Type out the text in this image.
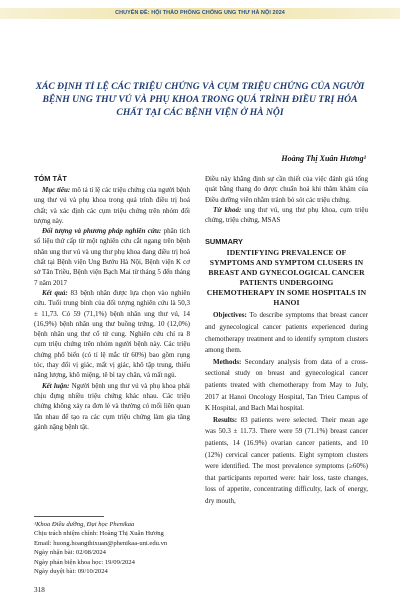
CHUYÊN ĐỀ: HỘI THẢO PHÒNG CHỐNG UNG THƯ HÀ NỘI 2024
XÁC ĐỊNH TỈ LỆ CÁC TRIỆU CHỨNG VÀ CỤM TRIỆU CHỨNG CỦA NGƯỜI BỆNH UNG THƯ VÚ VÀ PHỤ KHOA TRONG QUÁ TRÌNH ĐIỀU TRỊ HÓA CHẤT TẠI CÁC BỆNH VIỆN Ở HÀ NỘI
Hoàng Thị Xuân Hương¹
TÓM TẮT

Mục tiêu: mô tả tỉ lệ các triệu chứng của người bệnh ung thư vú và phụ khoa trong quá trình điều trị hoá chất; và xác định các cụm triệu chứng trên nhóm đối tượng này.

Đối tượng và phương pháp nghiên cứu: phân tích số liệu thứ cấp từ một nghiên cứu cắt ngang trên bệnh nhân ung thư vú và ung thư phụ khoa đang điều trị hoá chất tại Bệnh viện Ung Bướu Hà Nội, Bệnh viện K cơ sở Tân Triều, Bệnh viện Bạch Mai từ tháng 5 đến tháng 7 năm 2017

Kết quả: 83 bệnh nhân được lựa chọn vào nghiên cứu. Tuổi trung bình của đối tượng nghiên cứu là 50,3 ± 11,73. Có 59 (71,1%) bệnh nhân ung thư vú, 14 (16,9%) bệnh nhân ung thư buồng trứng, 10 (12,0%) bệnh nhân ung thư cổ tử cung. Nghiên cứu chỉ ra 8 cụm triệu chứng trên nhóm người bệnh này. Các triệu chứng phổ biến (có tỉ lệ mắc từ 60%) bao gồm rụng tóc, thay đổi vị giác, mất vị giác, khô tập trung, thiếu năng lượng, khô miệng, tê bì tay chân, và mất ngủ.

Kết luận: Người bệnh ung thư vú và phụ khoa phải chịu đựng nhiều triệu chứng khác nhau. Các triệu chứng không xảy ra đơn lẻ và thường có mối liên quan lẫn nhau để tạo ra các cụm triệu chứng làm gia tăng gánh nặng bệnh tật.

¹Khoa Điều dưỡng, Đại học Phenikaa
Chịu trách nhiệm chính: Hoàng Thị Xuân Hương
Email: huong.hoangthixuan@phenikaa-uni.edu.vn
Ngày nhận bài: 02/08/2024
Ngày phản biện khoa học: 19/09/2024
Ngày duyệt bài: 09/10/2024

Điều này khẳng định sự cần thiết của việc đánh giá tổng quát bằng thang đo được chuẩn hoá khi thăm khám của Điều dưỡng viên nhằm tránh bỏ sót các triệu chứng.

Từ khoá: ung thư vú, ung thư phụ khoa, cụm triệu chứng, triệu chứng, MSAS

SUMMARY
IDENTIFYING PREVALENCE OF SYMPTOMS AND SYMPTOM CLUSERS IN BREAST AND GYNECOLOGICAL CANCER PATIENTS UNDERGOING CHEMOTHERAPY IN SOME HOSPITALS IN HANOI

Objectives: To describe symptoms that breast cancer and gynecological cancer patients experienced during chemotherapy treatment and to identify symptom clusters among them.

Methods: Secondary analysis from data of a cross-sectional study on breast and gynecological cancer patients treated with chemotherapy from May to July, 2017 at Hanoi Oncology Hospital, Tan Trieu Campus of K Hospital, and Bach Mai hospital.

Results: 83 patients were selected. Their mean age was 50.3 ± 11.73. There were 59 (71.1%) breast cancer patients, 14 (16.9%) ovarian cancer patients, and 10 (12%) cervical cancer patients. Eight symptom clusters were identified. The most prevalence symptoms (≥60%) that participants reported were: hair loss, taste changes, loss of appetite, concentrating difficulty, lack of energy, dry mouth,

318
